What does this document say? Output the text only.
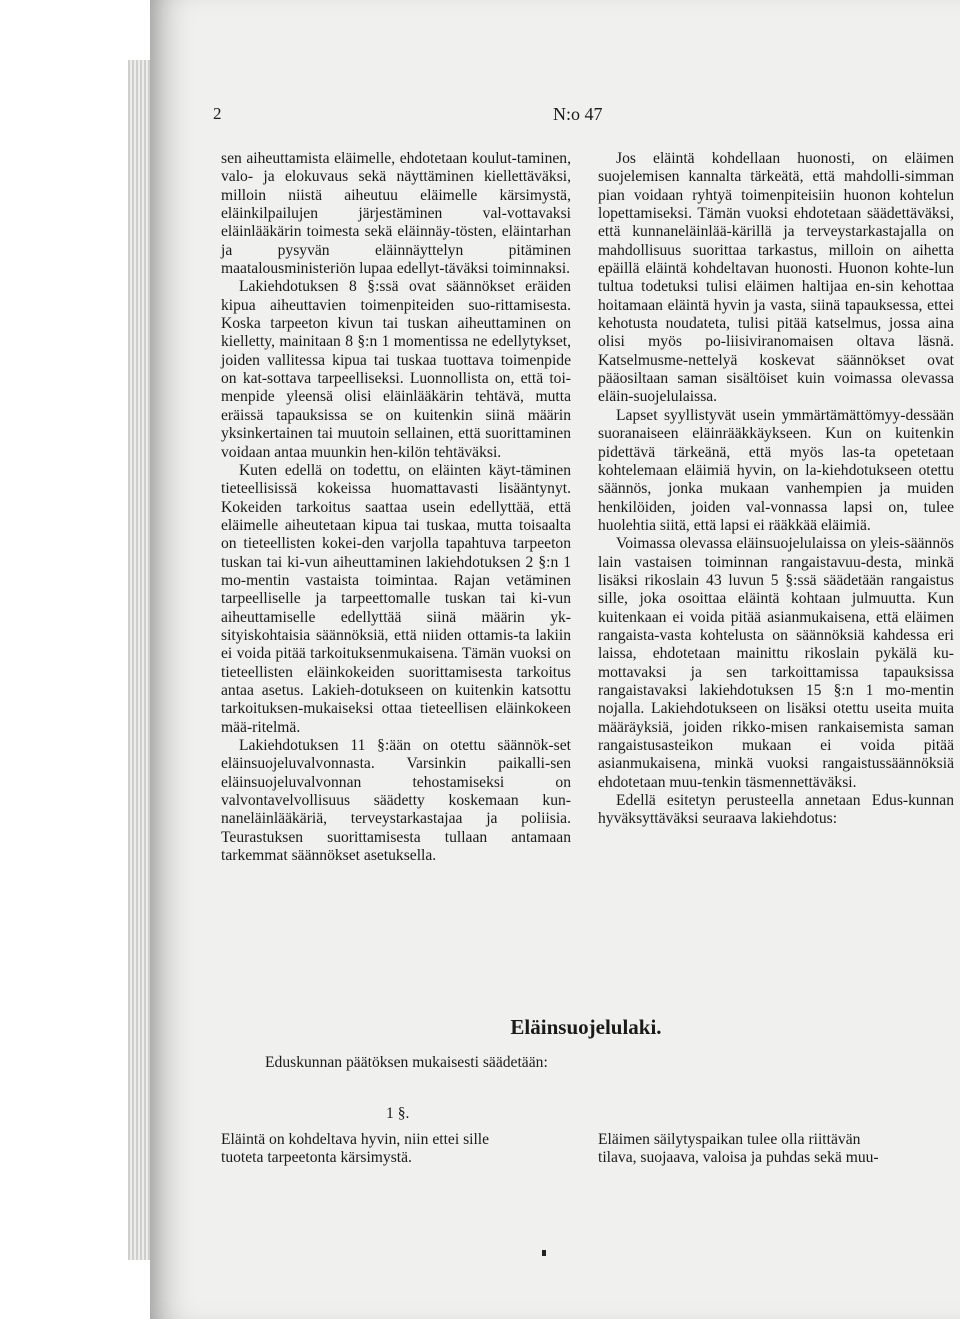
2	N:o 47

sen aiheuttamista eläimelle, ehdotetaan koulut-taminen, valo- ja elokuvaus sekä näyttäminen kiellettäväksi, milloin niistä aiheutuu eläimelle kärsimystä, eläinkilpailujen järjestäminen val-vottavaksi eläinlääkärin toimesta sekä eläinnäy-tösten, eläintarhan ja pysyvän eläinnäyttelyn pitäminen maatalousministeriön lupaa edellyt-täväksi toiminnaksi.

Lakiehdotuksen 8 §:ssä ovat säännökset eräiden kipua aiheuttavien toimenpiteiden suo-rittamisesta. Koska tarpeeton kivun tai tuskan aiheuttaminen on kielletty, mainitaan 8 §:n 1 momentissa ne edellytykset, joiden vallitessa kipua tai tuskaa tuottava toimenpide on kat-sottava tarpeelliseksi. Luonnollista on, että toi-menpide yleensä olisi eläinlääkärin tehtävä, mutta eräissä tapauksissa se on kuitenkin siinä määrin yksinkertainen tai muutoin sellainen, että suorittaminen voidaan antaa muunkin hen-kilön tehtäväksi.

Kuten edellä on todettu, on eläinten käyt-täminen tieteellisissä kokeissa huomattavasti lisääntynyt. Kokeiden tarkoitus saattaa usein edellyttää, että eläimelle aiheutetaan kipua tai tuskaa, mutta toisaalta on tieteellisten kokei-den varjolla tapahtuva tarpeeton tuskan tai ki-vun aiheuttaminen lakiehdotuksen 2 §:n 1 mo-mentin vastaista toimintaa. Rajan vetäminen tarpeelliselle ja tarpeettomalle tuskan tai ki-vun aiheuttamiselle edellyttää siinä määrin yk-sityiskohtaisia säännöksiä, että niiden ottamis-ta lakiin ei voida pitää tarkoituksenmukaisena. Tämän vuoksi on tieteellisten eläinkokeiden suorittamisesta tarkoitus antaa asetus. Lakieh-dotukseen on kuitenkin katsottu tarkoituksen-mukaiseksi ottaa tieteellisen eläinkokeen mää-ritelmä.

Lakiehdotuksen 11 §:ään on otettu säännök-set eläinsuojeluvalvonnasta. Varsinkin paikalli-sen eläinsuojeluvalvonnan tehostamiseksi on valvontavelvollisuus säädetty koskemaan kun-naneläinlääkäriä, terveystarkastajaa ja poliisia. Teurastuksen suorittamisesta tullaan antamaan tarkemmat säännökset asetuksella.

Jos eläintä kohdellaan huonosti, on eläimen suojelemisen kannalta tärkeätä, että mahdolli-simman pian voidaan ryhtyä toimenpiteisiin huonon kohtelun lopettamiseksi. Tämän vuoksi ehdotetaan säädettäväksi, että kunnaneläinlää-kärillä ja terveystarkastajalla on mahdollisuus suorittaa tarkastus, milloin on aihetta epäillä eläintä kohdeltavan huonosti. Huonon kohte-lun tultua todetuksi tulisi eläimen haltijaa en-sin kehottaa hoitamaan eläintä hyvin ja vasta, siinä tapauksessa, ettei kehotusta noudateta, tulisi pitää katselmus, jossa aina olisi myös po-liisiviranomaisen oltava läsnä. Katselmusme-nettelyä koskevat säännökset ovat pääosiltaan saman sisältöiset kuin voimassa olevassa eläin-suojelulaissa.

Lapset syyllistyvät usein ymmärtämättömyy-dessään suoranaiseen eläinrääkkäykseen. Kun on kuitenkin pidettävä tärkeänä, että myös las-ta opetetaan kohtelemaan eläimiä hyvin, on la-kiehdotukseen otettu säännös, jonka mukaan vanhempien ja muiden henkilöiden, joiden val-vonnassa lapsi on, tulee huolehtia siitä, että lapsi ei rääkkää eläimiä.

Voimassa olevassa eläinsuojelulaissa on yleis-säännös lain vastaisen toiminnan rangaistavuu-desta, minkä lisäksi rikoslain 43 luvun 5 §:ssä säädetään rangaistus sille, joka osoittaa eläintä kohtaan julmuutta. Kun kuitenkaan ei voida pitää asianmukaisena, että eläimen rangaista-vasta kohtelusta on säännöksiä kahdessa eri laissa, ehdotetaan mainittu rikoslain pykälä ku-mottavaksi ja sen tarkoittamissa tapauksissa rangaistavaksi lakiehdotuksen 15 §:n 1 mo-mentin nojalla. Lakiehdotukseen on lisäksi otettu useita muita määräyksiä, joiden rikko-misen rankaisemista saman rangaistusasteikon mukaan ei voida pitää asianmukaisena, minkä vuoksi rangaistussäännöksiä ehdotetaan muu-tenkin täsmennettäväksi.

Edellä esitetyn perusteella annetaan Edus-kunnan hyväksyttäväksi seuraava lakiehdotus:

Eläinsuojelulaki.
Eduskunnan päätöksen mukaisesti säädetään:
1 §.
Eläintä on kohdeltava hyvin, niin ettei sille
tuoteta tarpeetonta kärsimystä.
Eläimen säilytyspaikan tulee olla riittävän
tilava, suojaava, valoisa ja puhdas sekä muu-
